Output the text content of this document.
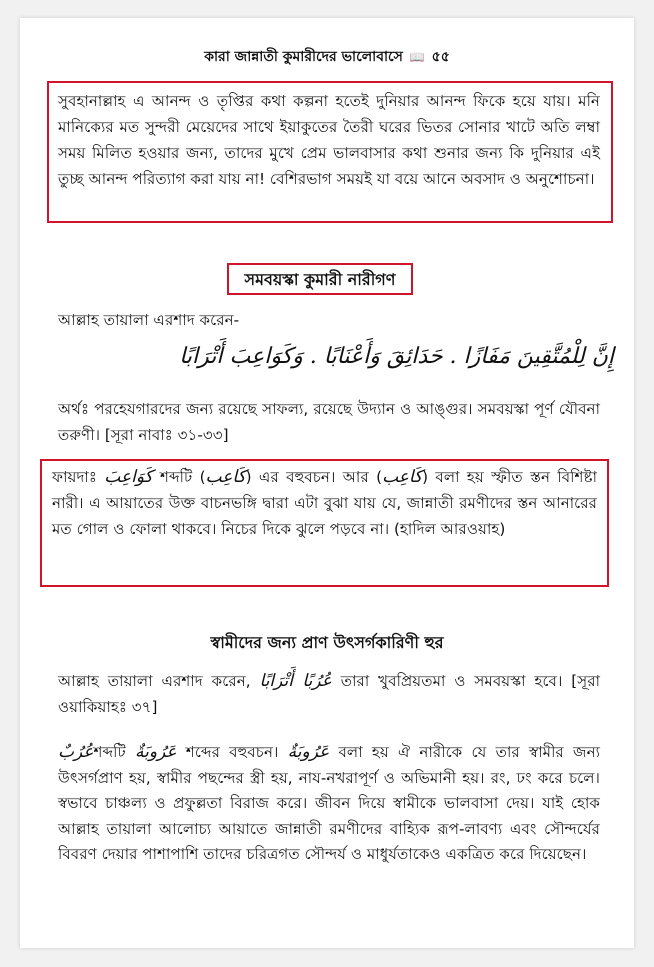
কারা জান্নাতী কুমারীদের ভালোবাসে 📖 ৫৫
সুবহানাল্লাহ এ আনন্দ ও তৃপ্তির কথা কল্পনা হতেই দুনিয়ার আনন্দ ফিকে হয়ে যায়। মনি মানিক্যের মত সুন্দরী মেয়েদের সাথে ইয়াকুতের তৈরী ঘরের ভিতর সোনার খাটে অতি লম্বা সময় মিলিত হওয়ার জন্য, তাদের মুখে প্রেম ভালবাসার কথা শুনার জন্য কি দুনিয়ার এই তুচ্ছ আনন্দ পরিত্যাগ করা যায় না! বেশিরভাগ সময়ই যা বয়ে আনে অবসাদ ও অনুশোচনা।
সমবয়স্কা কুমারী নারীগণ
আল্লাহ তায়ালা এরশাদ করেন-
إِنَّ لِلْمُتَّقِينَ مَفَازًا . حَدَائِقَ وَأَعْنَابًا . وَكَوَاعِبَ أَتْرَابًا
অর্থঃ পরহেযগারদের জন্য রয়েছে সাফল্য, রয়েছে উদ্যান ও আঙ্গুর। সমবয়স্কা পূর্ণ যৌবনা তরুণী। [সূরা নাবাঃ ৩১-৩৩]
ফায়দাঃ كَوَاعِبَ শব্দটি (كَاعِب) এর বহুবচন। আর (كَاعِب) বলা হয় স্ফীত স্তন বিশিষ্টা নারী। এ আয়াতের উক্ত বাচনভঙ্গি দ্বারা এটা বুঝা যায় যে, জান্নাতী রমণীদের স্তন আনারের মত গোল ও ফোলা থাকবে। নিচের দিকে ঝুলে পড়বে না। (হাদিল আরওয়াহ)
স্বামীদের জন্য প্রাণ উৎসর্গকারিণী হুর
আল্লাহ তায়ালা এরশাদ করেন, عُرُبًا أَتْرَابًا তারা খুবপ্রিয়তমা ও সমবয়স্কা হবে। [সূরা ওয়াকিয়াহঃ ৩৭]
عُرُبٌশব্দটি عَرُوبَةٌ শব্দের বহুবচন। عَرُوبَةٌ বলা হয় ঐ নারীকে যে তার স্বামীর জন্য উৎসর্গপ্রাণ হয়, স্বামীর পছন্দের স্ত্রী হয়, নায-নখরাপূর্ণ ও অভিমানী হয়। রং, ঢং করে চলে। স্বভাবে চাঞ্চল্য ও প্রফুল্লতা বিরাজ করে। জীবন দিয়ে স্বামীকে ভালবাসা দেয়। যাই হোক আল্লাহ তায়ালা আলোচ্য আয়াতে জান্নাতী রমণীদের বাহ্যিক রূপ-লাবণ্য এবং সৌন্দর্যের বিবরণ দেয়ার পাশাপাশি তাদের চরিত্রগত সৌন্দর্য ও মাধুর্যতাকেও একত্রিত করে দিয়েছেন।
